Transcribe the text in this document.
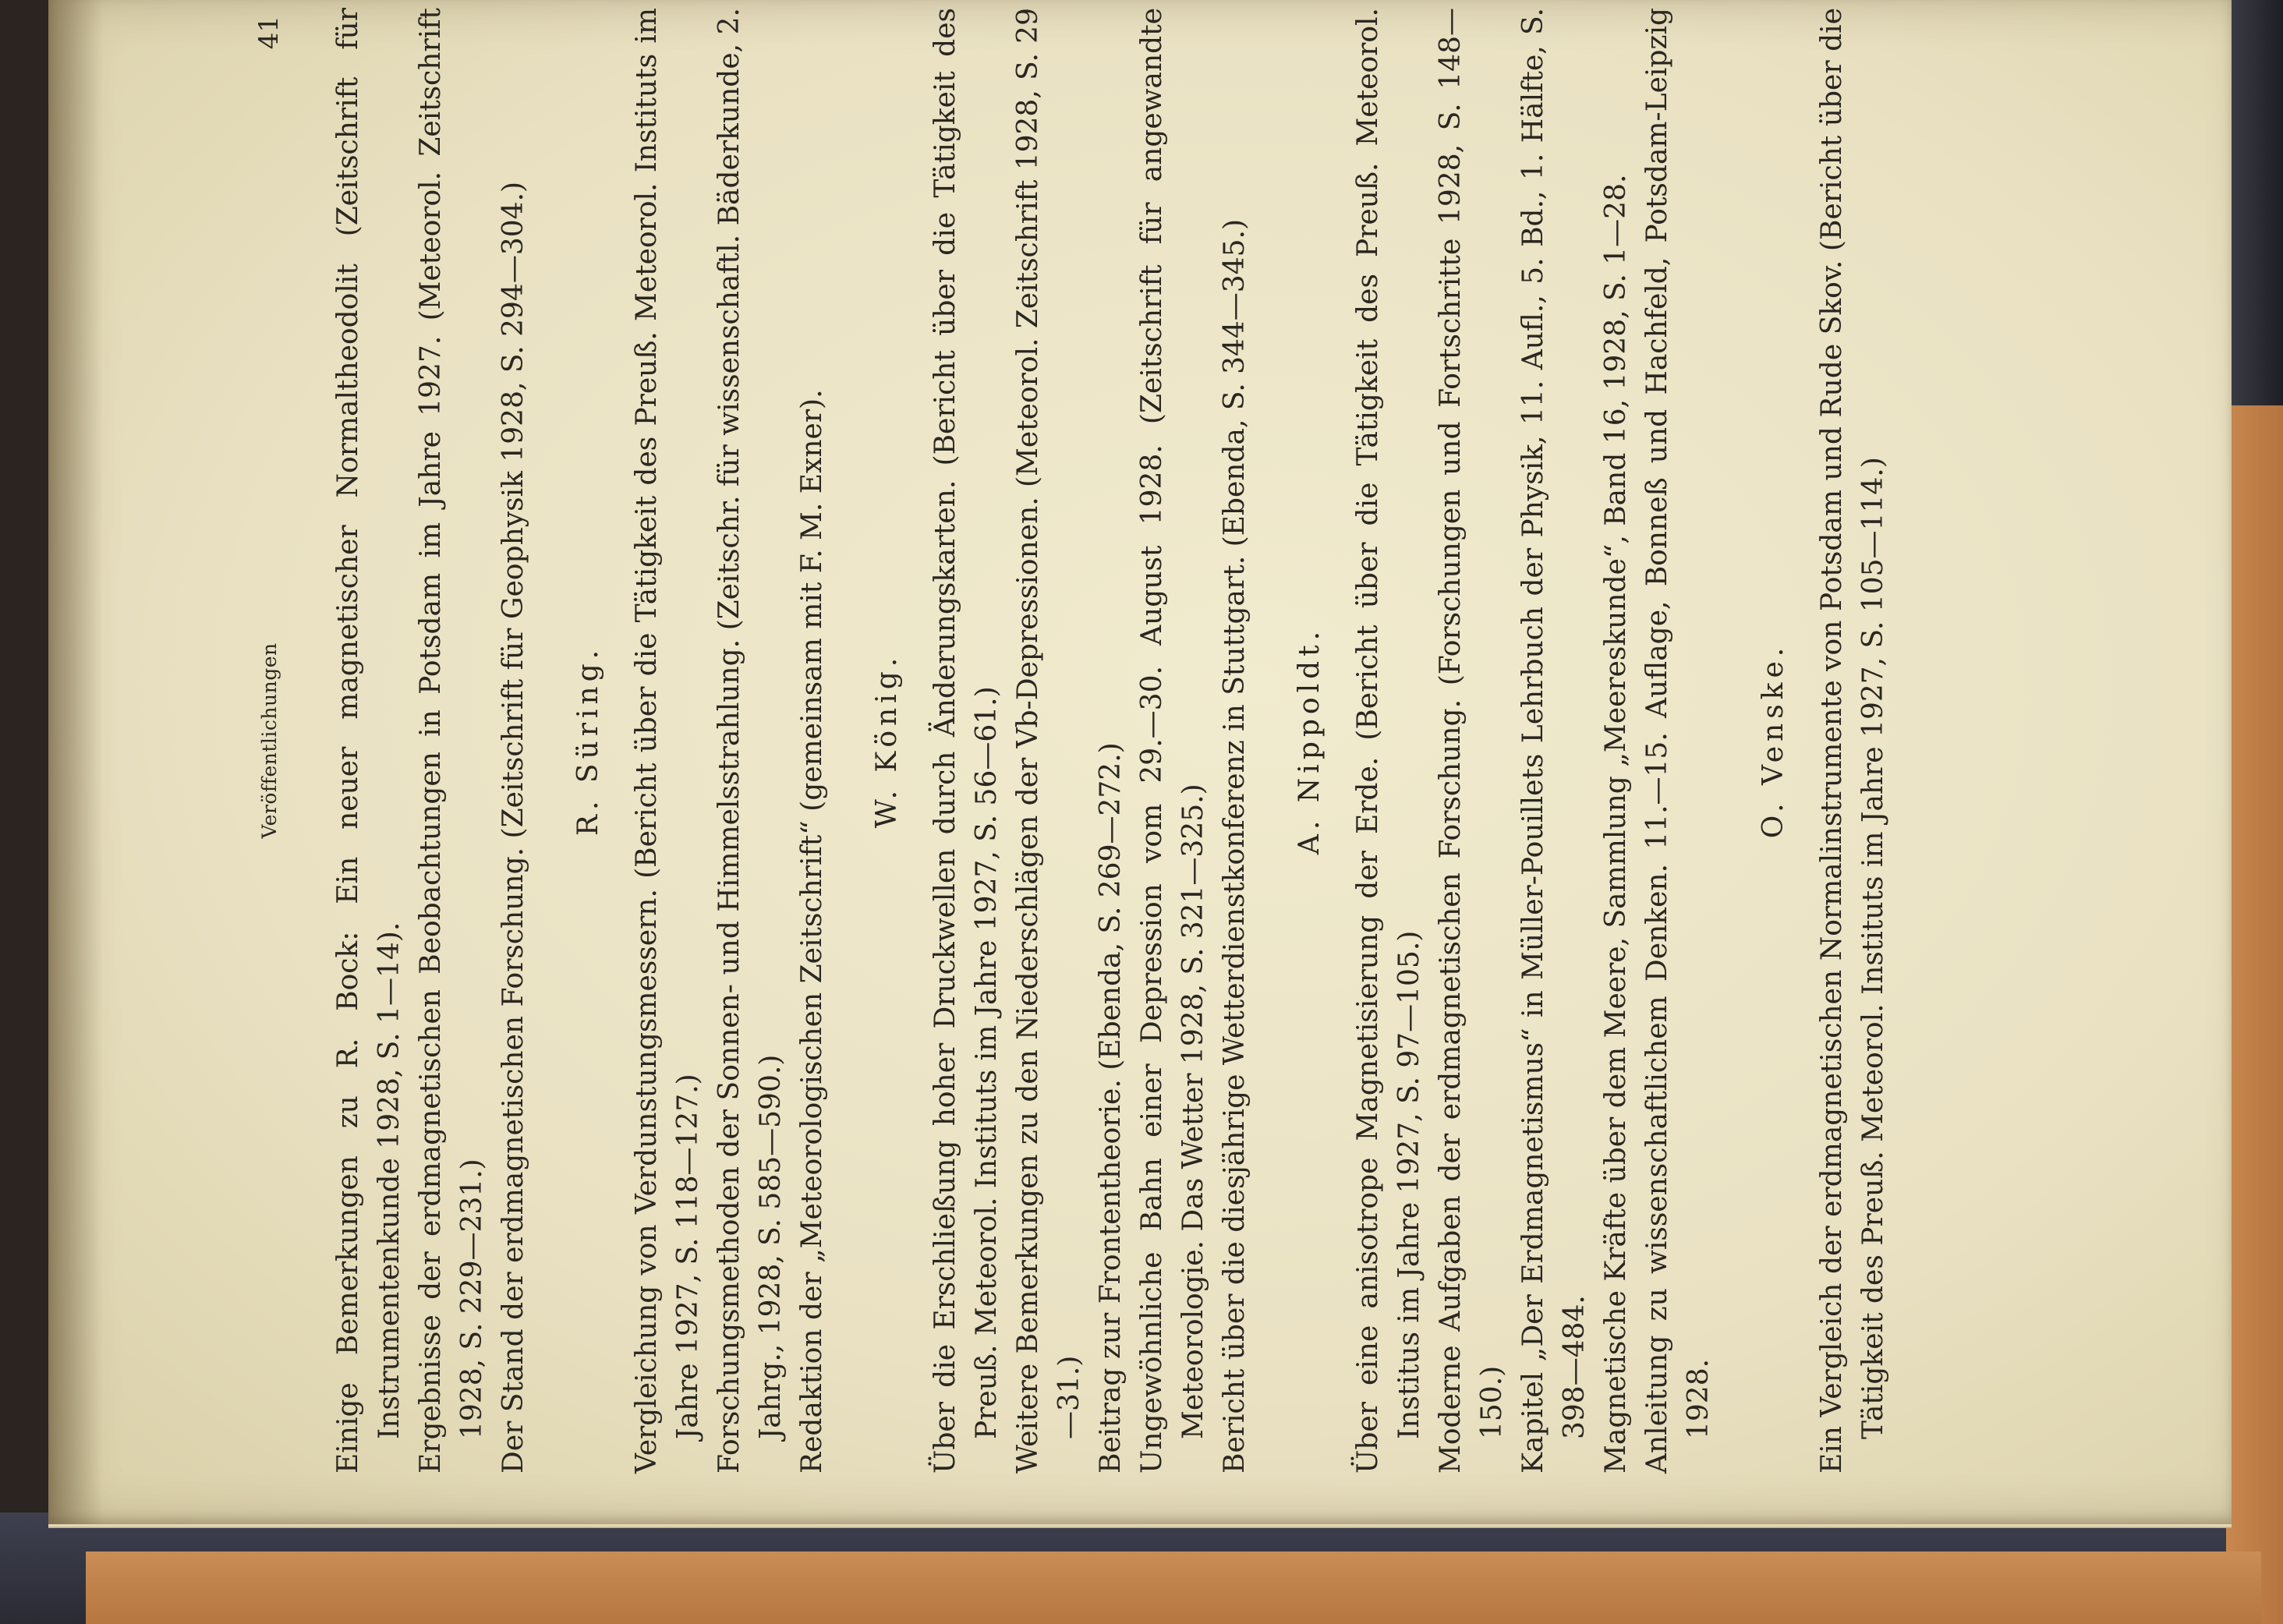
Veröffentlichungen
41 Einige Bemerkungen zu R. Bock: Ein neuer magnetischer Normaltheodolit (Zeitschrift für Instrumentenkunde 1928, S. 1—14). Ergebnisse der erdmagnetischen Beobachtungen in Potsdam im Jahre 1927. (Meteorol. Zeitschrift 1928, S. 229—231.) Der Stand der erdmagnetischen Forschung. (Zeitschrift für Geophysik 1928, S. 294—304.) R. Süring. Vergleichung von Verdunstungsmessern. (Bericht über die Tätigkeit des Preuß. Meteorol. Instituts im Jahre 1927, S. 118—127.) Forschungsmethoden der Sonnen- und Himmelsstrahlung. (Zeitschr. für wissenschaftl. Bäderkunde, 2. Jahrg., 1928, S. 585—590.) Redaktion der „Meteorologischen Zeitschrift“ (gemeinsam mit F. M. Exner). W. König. Über die Erschließung hoher Druckwellen durch Änderungskarten. (Bericht über die Tätigkeit des Preuß. Meteorol. Instituts im Jahre 1927, S. 56—61.) Weitere Bemerkungen zu den Niederschlägen der Vb-Depressionen. (Meteorol. Zeitschrift 1928, S. 29—31.) Beitrag zur Frontentheorie. (Ebenda, S. 269—272.) Ungewöhnliche Bahn einer Depression vom 29.—30. August 1928. (Zeitschrift für angewandte Meteorologie. Das Wetter 1928, S. 321—325.) Bericht über die diesjährige Wetterdienstkonferenz in Stuttgart. (Ebenda, S. 344—345.) A. Nippoldt. Über eine anisotrope Magnetisierung der Erde. (Bericht über die Tätigkeit des Preuß. Meteorol. Institus im Jahre 1927, S. 97—105.) Moderne Aufgaben der erdmagnetischen Forschung. (Forschungen und Fortschritte 1928, S. 148—150.) Kapitel „Der Erdmagnetismus“ in Müller-Pouillets Lehrbuch der Physik, 11. Aufl., 5. Bd., 1. Hälfte, S. 398—484. Magnetische Kräfte über dem Meere, Sammlung „Meereskunde“, Band 16, 1928, S. 1—28. Anleitung zu wissenschaftlichem Denken. 11.—15. Auflage, Bonneß und Hachfeld, Potsdam-Leipzig 1928.

O. Venske. Ein Vergleich der erdmagnetischen Normalinstrumente von Potsdam und Rude Skov. (Bericht über die Tätigkeit des Preuß. Meteorol. Instituts im Jahre 1927, S. 105—114.)
